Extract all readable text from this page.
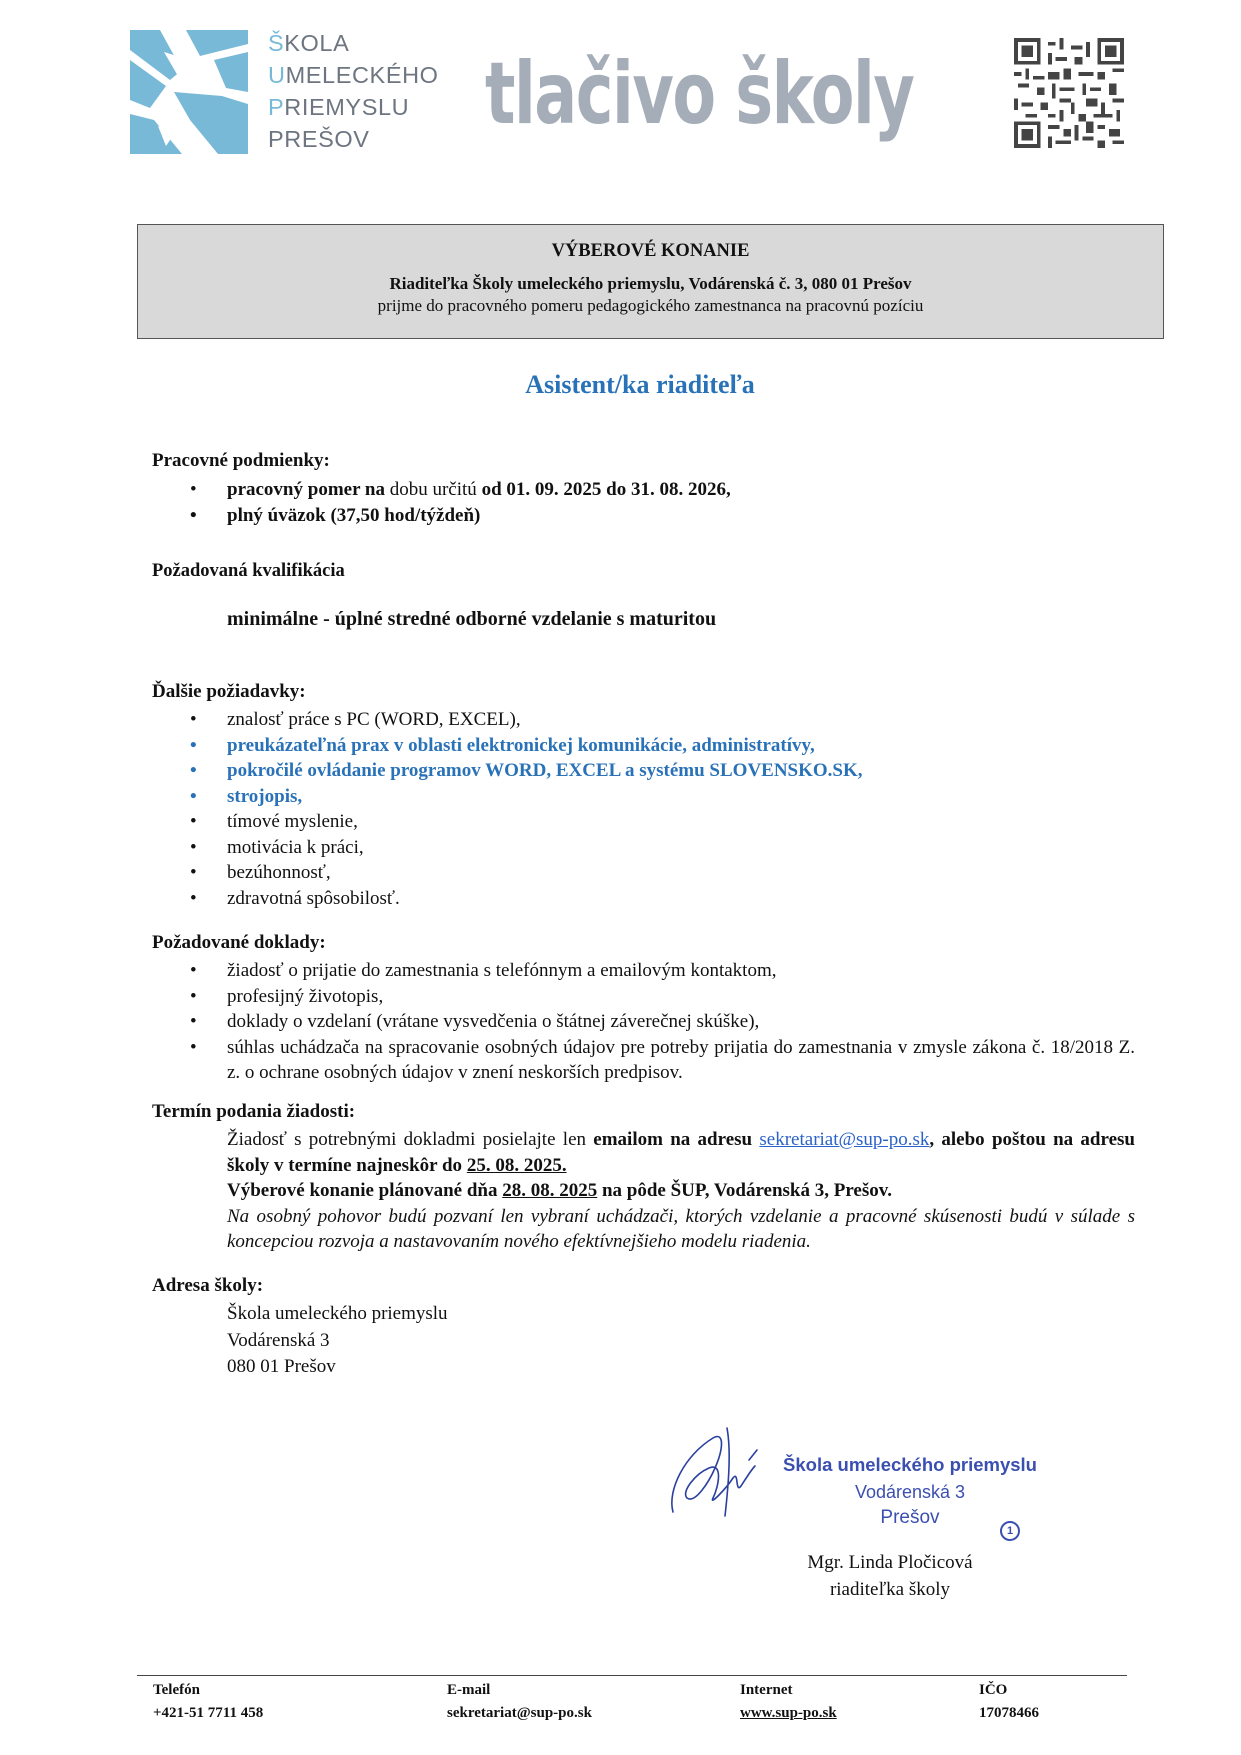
ŠKOLA
UMELECKÉHO
PRIEMYSLU
PREŠOV	tlačivo školy
VÝBEROVÉ KONANIE
Riaditeľka Školy umeleckého priemyslu, Vodárenská č. 3, 080 01 Prešov
prijme do pracovného pomeru pedagogického zamestnanca na pracovnú pozíciu
Asistent/ka riaditeľa
Pracovné podmienky:
• pracovný pomer na dobu určitú od 01. 09. 2025 do 31. 08. 2026,
• plný úväzok (37,50 hod/týždeň)
Požadovaná kvalifikácia
minimálne - úplné stredné odborné vzdelanie s maturitou
Ďalšie požiadavky:
• znalosť práce s PC (WORD, EXCEL),
• preukázateľná prax v oblasti elektronickej komunikácie, administratívy,
• pokročilé ovládanie programov WORD, EXCEL a systému SLOVENSKO.SK,
• strojopis,
• tímové myslenie,
• motivácia k práci,
• bezúhonnosť,
• zdravotná spôsobilosť.
Požadované doklady:
• žiadosť o prijatie do zamestnania s telefónnym a emailovým kontaktom,
• profesijný životopis,
• doklady o vzdelaní (vrátane vysvedčenia o štátnej záverečnej skúške),
• súhlas uchádzača na spracovanie osobných údajov pre potreby prijatia do zamestnania v zmysle zákona č. 18/2018 Z. z. o ochrane osobných údajov v znení neskorších predpisov.
Termín podania žiadosti:
Žiadosť s potrebnými dokladmi posielajte len emailom na adresu sekretariat@sup-po.sk, alebo poštou na adresu školy v termíne najneskôr do 25. 08. 2025.
Výberové konanie plánované dňa 28. 08. 2025 na pôde ŠUP, Vodárenská 3, Prešov.
Na osobný pohovor budú pozvaní len vybraní uchádzači, ktorých vzdelanie a pracovné skúsenosti budú v súlade s koncepciou rozvoja a nastavovaním nového efektívnejšieho modelu riadenia.
Adresa školy:
Škola umeleckého priemyslu
Vodárenská 3
080 01 Prešov
Škola umeleckého priemyslu
Vodárenská 3
Prešov
1
Mgr. Linda Pločicová
riaditeľka školy
Telefón
+421-51 7711 458
E-mail
sekretariat@sup-po.sk
Internet
www.sup-po.sk
IČO
17078466
